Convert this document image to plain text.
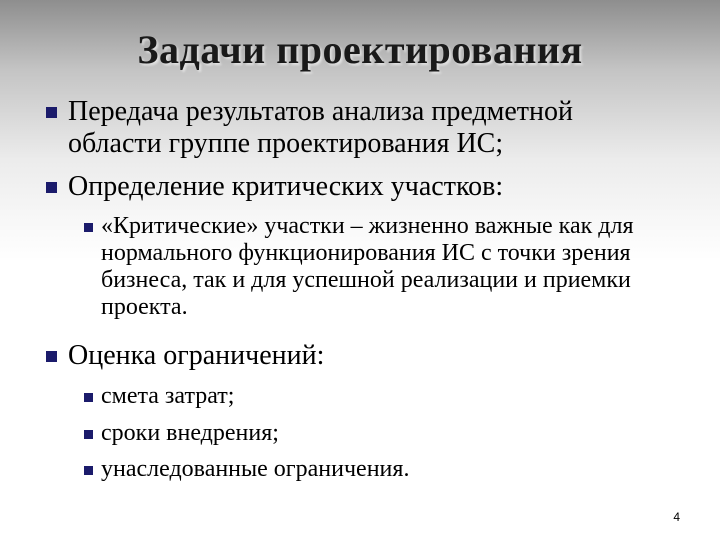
Задачи проектирования
Передача результатов анализа предметной области группе проектирования ИС;
Определение критических участков:
«Критические» участки – жизненно важные как для нормального функционирования ИС с точки зрения бизнеса, так и для успешной реализации и приемки проекта.
Оценка ограничений:
смета затрат;
сроки внедрения;
унаследованные ограничения.
4
